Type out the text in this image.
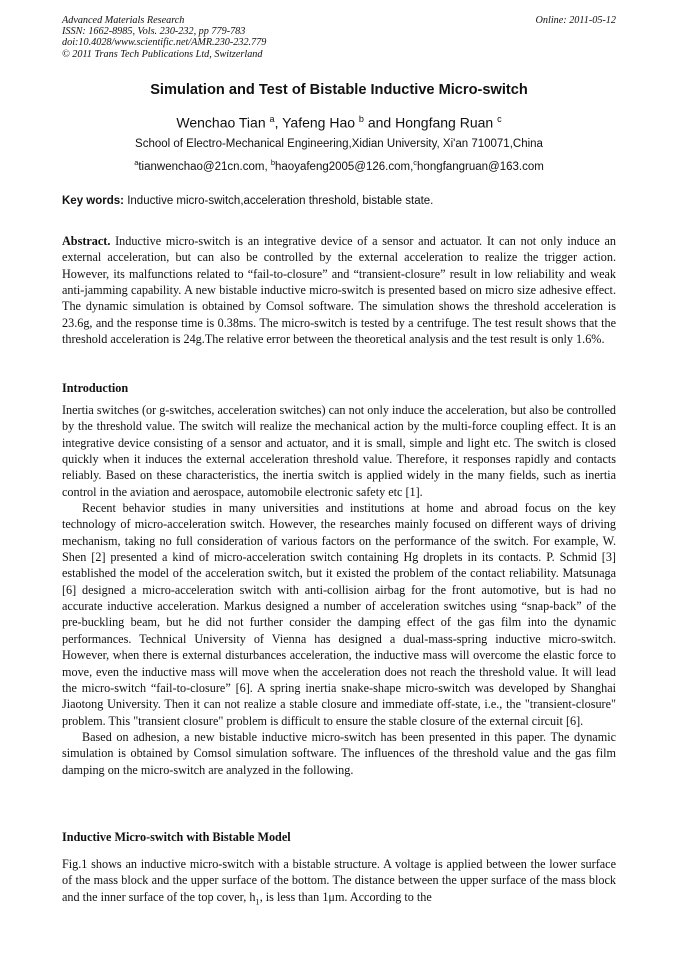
Advanced Materials Research
ISSN: 1662-8985, Vols. 230-232, pp 779-783
doi:10.4028/www.scientific.net/AMR.230-232.779
© 2011 Trans Tech Publications Ltd, Switzerland
Online: 2011-05-12
Simulation and Test of Bistable Inductive Micro-switch
Wenchao Tian $^a$, Yafeng Hao $^b$ and Hongfang Ruan $^c$
School of Electro-Mechanical Engineering,Xidian University, Xi'an 710071,China
$^a$tianwenchao@21cn.com, $^b$haoyafeng2005@126.com,$^c$hongfangruan@163.com
Key words: Inductive micro-switch,acceleration threshold, bistable state.

Abstract. Inductive micro-switch is an integrative device of a sensor and actuator. It can not only induce an external acceleration, but can also be controlled by the external acceleration to realize the trigger action. However, its malfunctions related to “fail-to-closure” and “transient-closure” result in low reliability and weak anti-jamming capability. A new bistable inductive micro-switch is presented based on micro size adhesive effect. The dynamic simulation is obtained by Comsol software. The simulation shows the threshold acceleration is 23.6g, and the response time is 0.38ms. The micro-switch is tested by a centrifuge. The test result shows that the threshold acceleration is 24g.The relative error between the theoretical analysis and the test result is only 1.6%.

Introduction

Inertia switches (or g-switches, acceleration switches) can not only induce the acceleration, but also be controlled by the threshold value. The switch will realize the mechanical action by the multi-force coupling effect. It is an integrative device consisting of a sensor and actuator, and it is small, simple and light etc. The switch is closed quickly when it induces the external acceleration threshold value. Therefore, it responses rapidly and contacts reliably. Based on these characteristics, the inertia switch is applied widely in the many fields, such as inertia control in the aviation and aerospace, automobile electronic safety etc [1].

Recent behavior studies in many universities and institutions at home and abroad focus on the key technology of micro-acceleration switch. However, the researches mainly focused on different ways of driving mechanism, taking no full consideration of various factors on the performance of the switch. For example, W. Shen [2] presented a kind of micro-acceleration switch containing Hg droplets in its contacts. P. Schmid [3] established the model of the acceleration switch, but it existed the problem of the contact reliability. Matsunaga [6] designed a micro-acceleration switch with anti-collision airbag for the front automotive, but is had no accurate inductive acceleration. Markus designed a number of acceleration switches using “snap-back” of the pre-buckling beam, but he did not further consider the damping effect of the gas film into the dynamic performances. Technical University of Vienna has designed a dual-mass-spring inductive micro-switch. However, when there is external disturbances acceleration, the inductive mass will overcome the elastic force to move, even the inductive mass will move when the acceleration does not reach the threshold value. It will lead the micro-switch “fail-to-closure” [6]. A spring inertia snake-shape micro-switch was developed by Shanghai Jiaotong University. Then it can not realize a stable closure and immediate off-state, i.e., the "transient-closure" problem. This "transient closure" problem is difficult to ensure the stable closure of the external circuit [6].

Based on adhesion, a new bistable inductive micro-switch has been presented in this paper. The dynamic simulation is obtained by Comsol simulation software. The influences of the threshold value and the gas film damping on the micro-switch are analyzed in the following.

Inductive Micro-switch with Bistable Model

Fig.1 shows an inductive micro-switch with a bistable structure. A voltage is applied between the lower surface of the mass block and the upper surface of the bottom. The distance between the upper surface of the mass block and the inner surface of the top cover, $h_1$, is less than 1μm. According to the
